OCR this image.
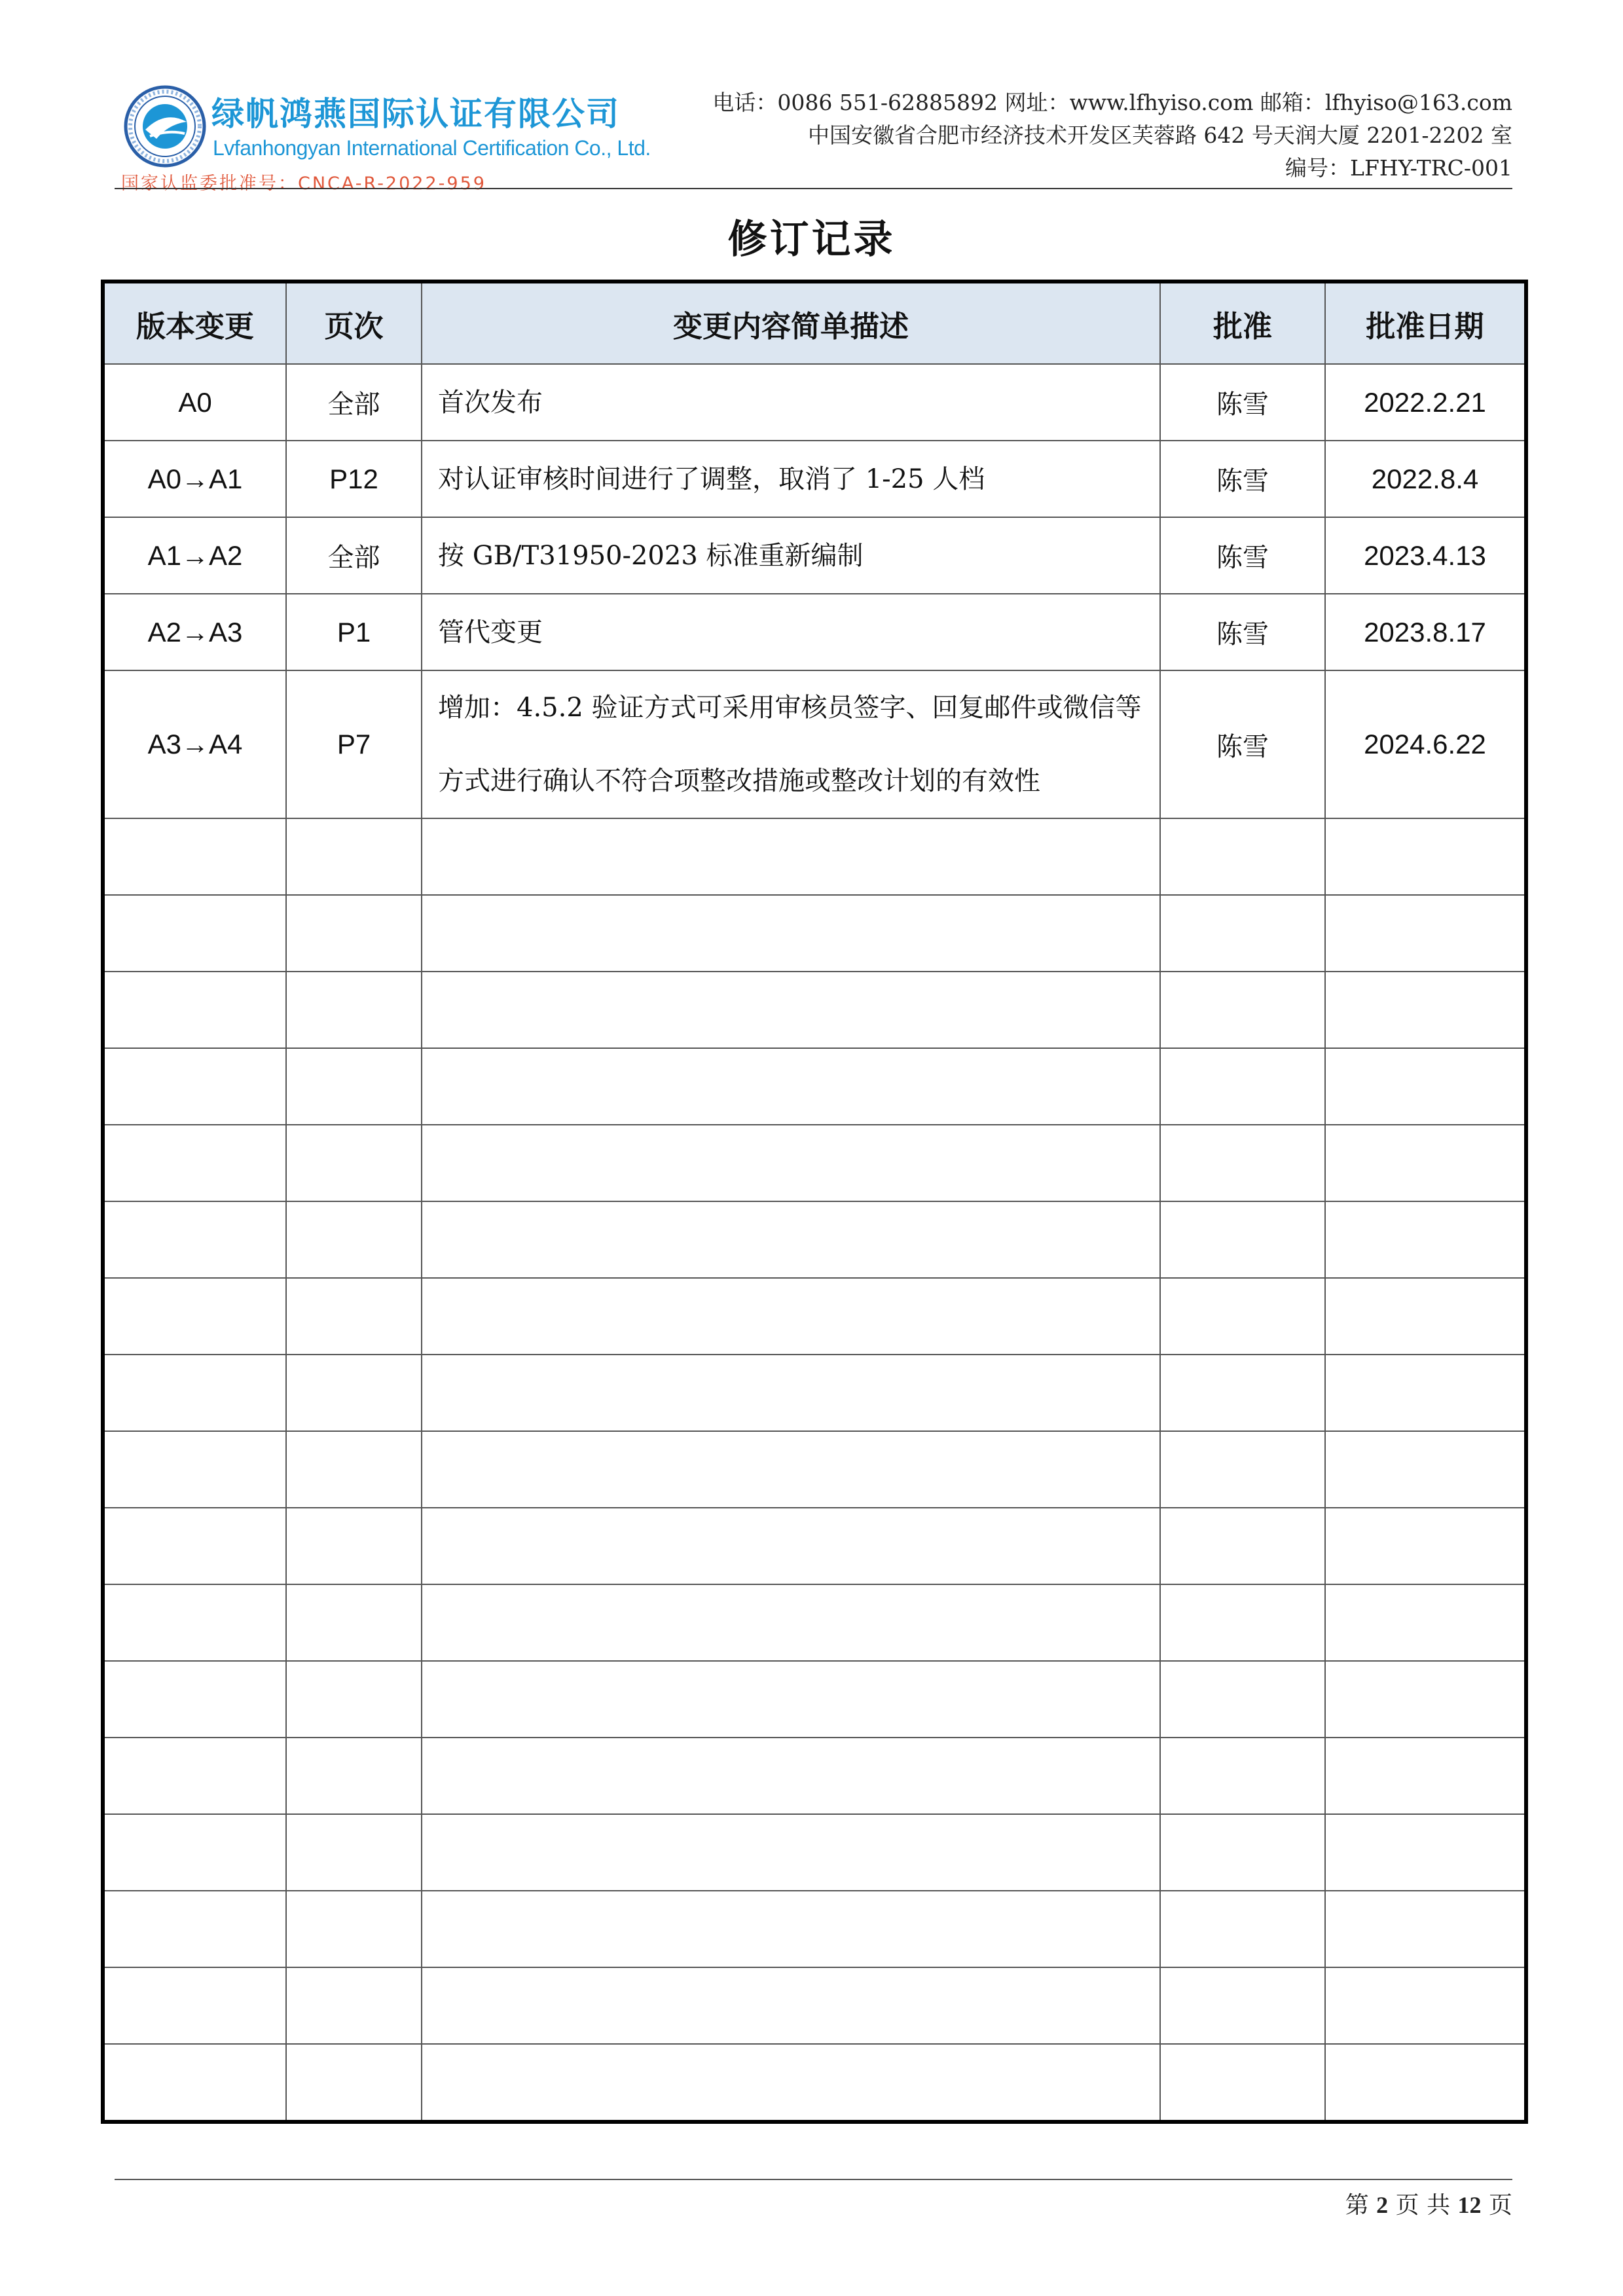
绿帆鸿燕国际认证有限公司
Lvfanhongyan International Certification Co., Ltd.
国家认监委批准号：CNCA-R-2022-959
电话：0086 551-62885892 网址：www.lfhyiso.com 邮箱：lfhyiso@163.com
中国安徽省合肥市经济技术开发区芙蓉路 642 号天润大厦 2201-2202 室
编号：LFHY-TRC-001
修订记录
版本变更	页次	变更内容简单描述	批准	批准日期
A0	全部	首次发布	陈雪	2022.2.21
A0→A1	P12	对认证审核时间进行了调整，取消了 1-25 人档	陈雪	2022.8.4
A1→A2	全部	按 GB/T31950-2023 标准重新编制	陈雪	2023.4.13
A2→A3	P1	管代变更	陈雪	2023.8.17
A3→A4	P7	增加：4.5.2 验证方式可采用审核员签字、回复邮件或微信等方式进行确认不符合项整改措施或整改计划的有效性	陈雪	2024.6.22

第 2 页 共 12 页
